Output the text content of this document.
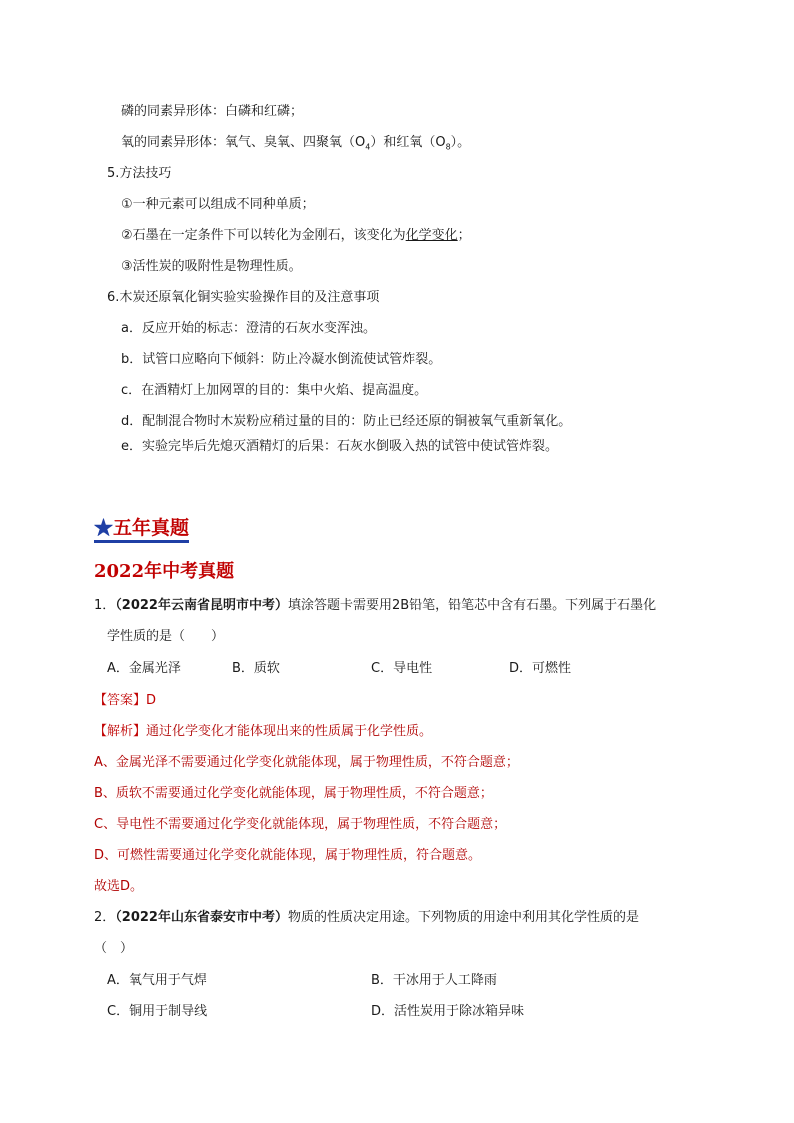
磷的同素异形体：白磷和红磷；
氧的同素异形体：氧气、臭氧、四聚氧$(O_4)$和红氧$(O_8)$。
5.方法技巧
①一种元素可以组成不同种单质；
②石墨在一定条件下可以转化为金刚石，该变化为化学变化；
③活性炭的吸附性是物理性质。
6.木炭还原氧化铜实验实验操作目的及注意事项
a．反应开始的标志：澄清的石灰水变浑浊。
b．试管口应略向下倾斜：防止冷凝水倒流使试管炸裂。
c．在酒精灯上加网罩的目的：集中火焰、提高温度。
d．配制混合物时木炭粉应稍过量的目的：防止已经还原的铜被氧气重新氧化。
e．实验完毕后先熄灭酒精灯的后果：石灰水倒吸入热的试管中使试管炸裂。
★五年真题
2022年中考真题
1．（2022年云南省昆明市中考）填涂答题卡需要用2B铅笔，铅笔芯中含有石墨。下列属于石墨化
学性质的是（　　）
A．金属光泽	B．质软	C．导电性	D．可燃性
【答案】D
【解析】通过化学变化才能体现出来的性质属于化学性质。
A、金属光泽不需要通过化学变化就能体现，属于物理性质，不符合题意；
B、质软不需要通过化学变化就能体现，属于物理性质，不符合题意；
C、导电性不需要通过化学变化就能体现，属于物理性质，不符合题意；
D、可燃性需要通过化学变化就能体现，属于物理性质，符合题意。
故选D。
2．（2022年山东省泰安市中考）物质的性质决定用途。下列物质的用途中利用其化学性质的是
（　）
A．氧气用于气焊	B．干冰用于人工降雨
C．铜用于制导线	D．活性炭用于除冰箱异味
